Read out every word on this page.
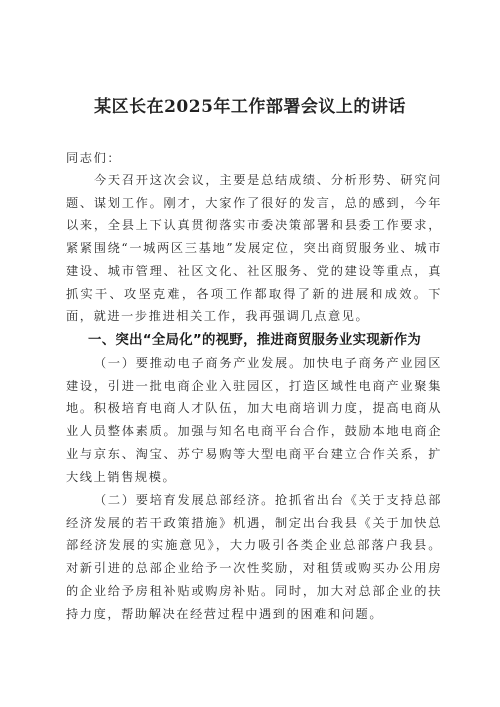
某区长在2025年工作部署会议上的讲话
同志们：
今天召开这次会议，主要是总结成绩、分析形势、研究问题、谋划工作。刚才，大家作了很好的发言，总的感到，今年以来，全县上下认真贯彻落实市委决策部署和县委工作要求，紧紧围绕“一城两区三基地”发展定位，突出商贸服务业、城市建设、城市管理、社区文化、社区服务、党的建设等重点，真抓实干、攻坚克难，各项工作都取得了新的进展和成效。下面，就进一步推进相关工作，我再强调几点意见。
一、突出“全局化”的视野，推进商贸服务业实现新作为
（一）要推动电子商务产业发展。加快电子商务产业园区建设，引进一批电商企业入驻园区，打造区域性电商产业聚集地。积极培育电商人才队伍，加大电商培训力度，提高电商从业人员整体素质。加强与知名电商平台合作，鼓励本地电商企业与京东、淘宝、苏宁易购等大型电商平台建立合作关系，扩大线上销售规模。
（二）要培育发展总部经济。抢抓省出台《关于支持总部经济发展的若干政策措施》机遇，制定出台我县《关于加快总部经济发展的实施意见》，大力吸引各类企业总部落户我县。对新引进的总部企业给予一次性奖励，对租赁或购买办公用房的企业给予房租补贴或购房补贴。同时，加大对总部企业的扶持力度，帮助解决在经营过程中遇到的困难和问题。
